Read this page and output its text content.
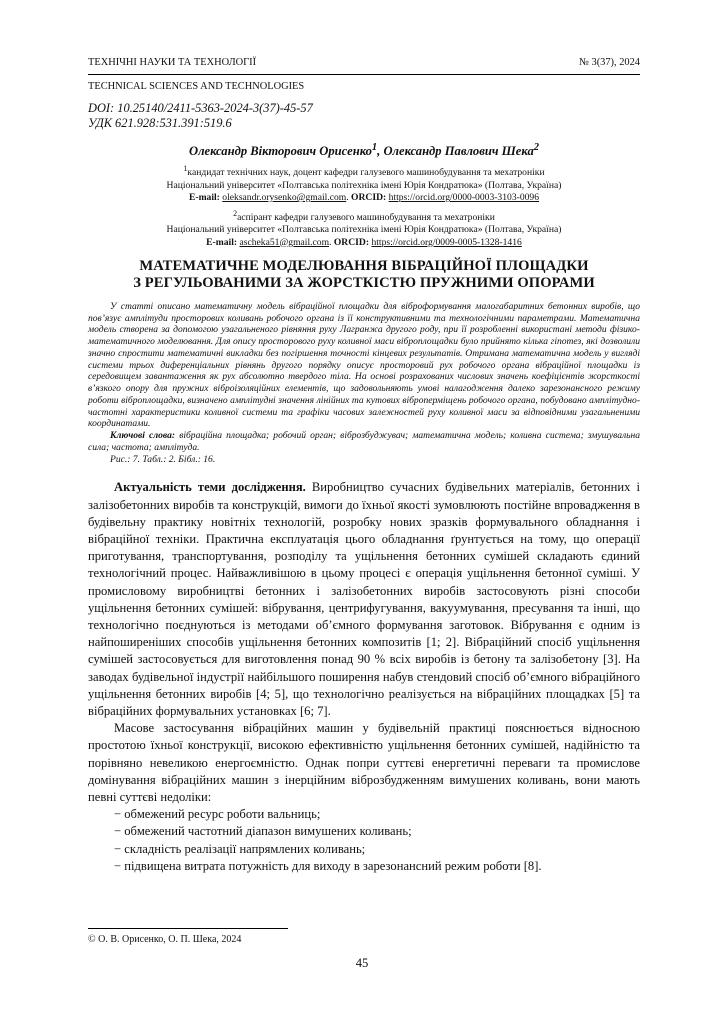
ТЕХНІЧНІ НАУКИ ТА ТЕХНОЛОГІЇ	№ 3(37), 2024
TECHNICAL SCIENCES AND TECHNOLOGIES
DOI: 10.25140/2411-5363-2024-3(37)-45-57
УДК 621.928:531.391:519.6
Олександр Вікторович Орисенко$^1$, Олександр Павлович Шека$^2$
$^1$кандидат технічних наук, доцент кафедри галузевого машинобудування та мехатроніки
Національний університет «Полтавська політехніка імені Юрія Кондратюка» (Полтава, Україна)
E-mail: oleksandr.orysenko@gmail.com. ORCID: https://orcid.org/0000-0003-3103-0096
$^2$аспірант кафедри галузевого машинобудування та мехатроніки
Національний університет «Полтавська політехніка імені Юрія Кондратюка» (Полтава, Україна)
E-mail: ascheka51@gmail.com. ORCID: https://orcid.org/0009-0005-1328-1416
МАТЕМАТИЧНЕ МОДЕЛЮВАННЯ ВІБРАЦІЙНОЇ ПЛОЩАДКИ
З РЕГУЛЬОВАНИМИ ЗА ЖОРСТКІСТЮ ПРУЖНИМИ ОПОРАМИ
У статті описано математичну модель вібраційної площадки для віброформування малогабаритних бетонних виробів, що пов’язує амплітуди просторових коливань робочого органа із її конструктивними та технологічними параметрами. Математична модель створена за допомогою узагальненого рівняння руху Лагранжа другого роду, при її розробленні використані методи фізико-математичного моделювання. Для опису просторового руху коливної маси віброплощадки було прийнято кілька гіпотез, які дозволили значно спростити математичні викладки без погіршення точності кінцевих результатів. Отримана математична модель у вигляді системи трьох диференціальних рівнянь другого порядку описує просторовий рух робочого органа вібраційної площадки із середовищем завантаження як рух абсолютно твердого тіла. На основі розрахованих числових значень коефіцієнтів жорсткості в’язкого опору для пружних віброізоляційних елементів, що задовольняють умові налагодження далеко зарезонансного режиму роботи віброплощадки, визначено амплітудні значення лінійних та кутових віброперміщень робочого органа, побудовано амплітудно-частотні характеристики коливної системи та графіки часових залежностей руху коливної маси за відповідними узагальненими координатами.
Ключові слова: вібраційна площадка; робочий орган; віброзбуджувач; математична модель; коливна система; змушувальна сила; частота; амплітуда.
Рис.: 7. Табл.: 2. Бібл.: 16.

Актуальність теми дослідження. Виробництво сучасних будівельних матеріалів, бетонних і залізобетонних виробів та конструкцій, вимоги до їхньої якості зумовлюють постійне впровадження в будівельну практику новітніх технологій, розробку нових зразків формувального обладнання і вібраційної техніки. Практична експлуатація цього обладнання ґрунтується на тому, що операції приготування, транспортування, розподілу та ущільнення бетонних сумішей складають єдиний технологічний процес. Найважливішою в цьому процесі є операція ущільнення бетонної суміші. У промисловому виробництві бетонних і залізобетонних виробів застосовують різні способи ущільнення бетонних сумішей: вібрування, центрифугування, вакуумування, пресування та інші, що технологічно поєднуються із методами об’ємного формування заготовок. Вібрування є одним із найпоширеніших способів ущільнення бетонних композитів [1; 2]. Вібраційний спосіб ущільнення сумішей застосовується для виготовлення понад 90 % всіх виробів із бетону та залізобетону [3]. На заводах будівельної індустрії найбільшого поширення набув стендовий спосіб об’ємного вібраційного ущільнення бетонних виробів [4; 5], що технологічно реалізується на вібраційних площадках [5] та вібраційних формувальних установках [6; 7].

Масове застосування вібраційних машин у будівельній практиці пояснюється відносною простотою їхньої конструкції, високою ефективністю ущільнення бетонних сумішей, надійністю та порівняно невеликою енергоємністю. Однак попри суттєві енергетичні переваги та промислове домінування вібраційних машин з інерційним віброзбудженням вимушених коливань, вони мають певні суттєві недоліки:

− обмежений ресурс роботи вальниць;
− обмежений частотний діапазон вимушених коливань;
− складність реалізації напрямлених коливань;
− підвищена витрата потужність для виходу в зарезонансний режим роботи [8].
© О. В. Орисенко, О. П. Шека, 2024
45
